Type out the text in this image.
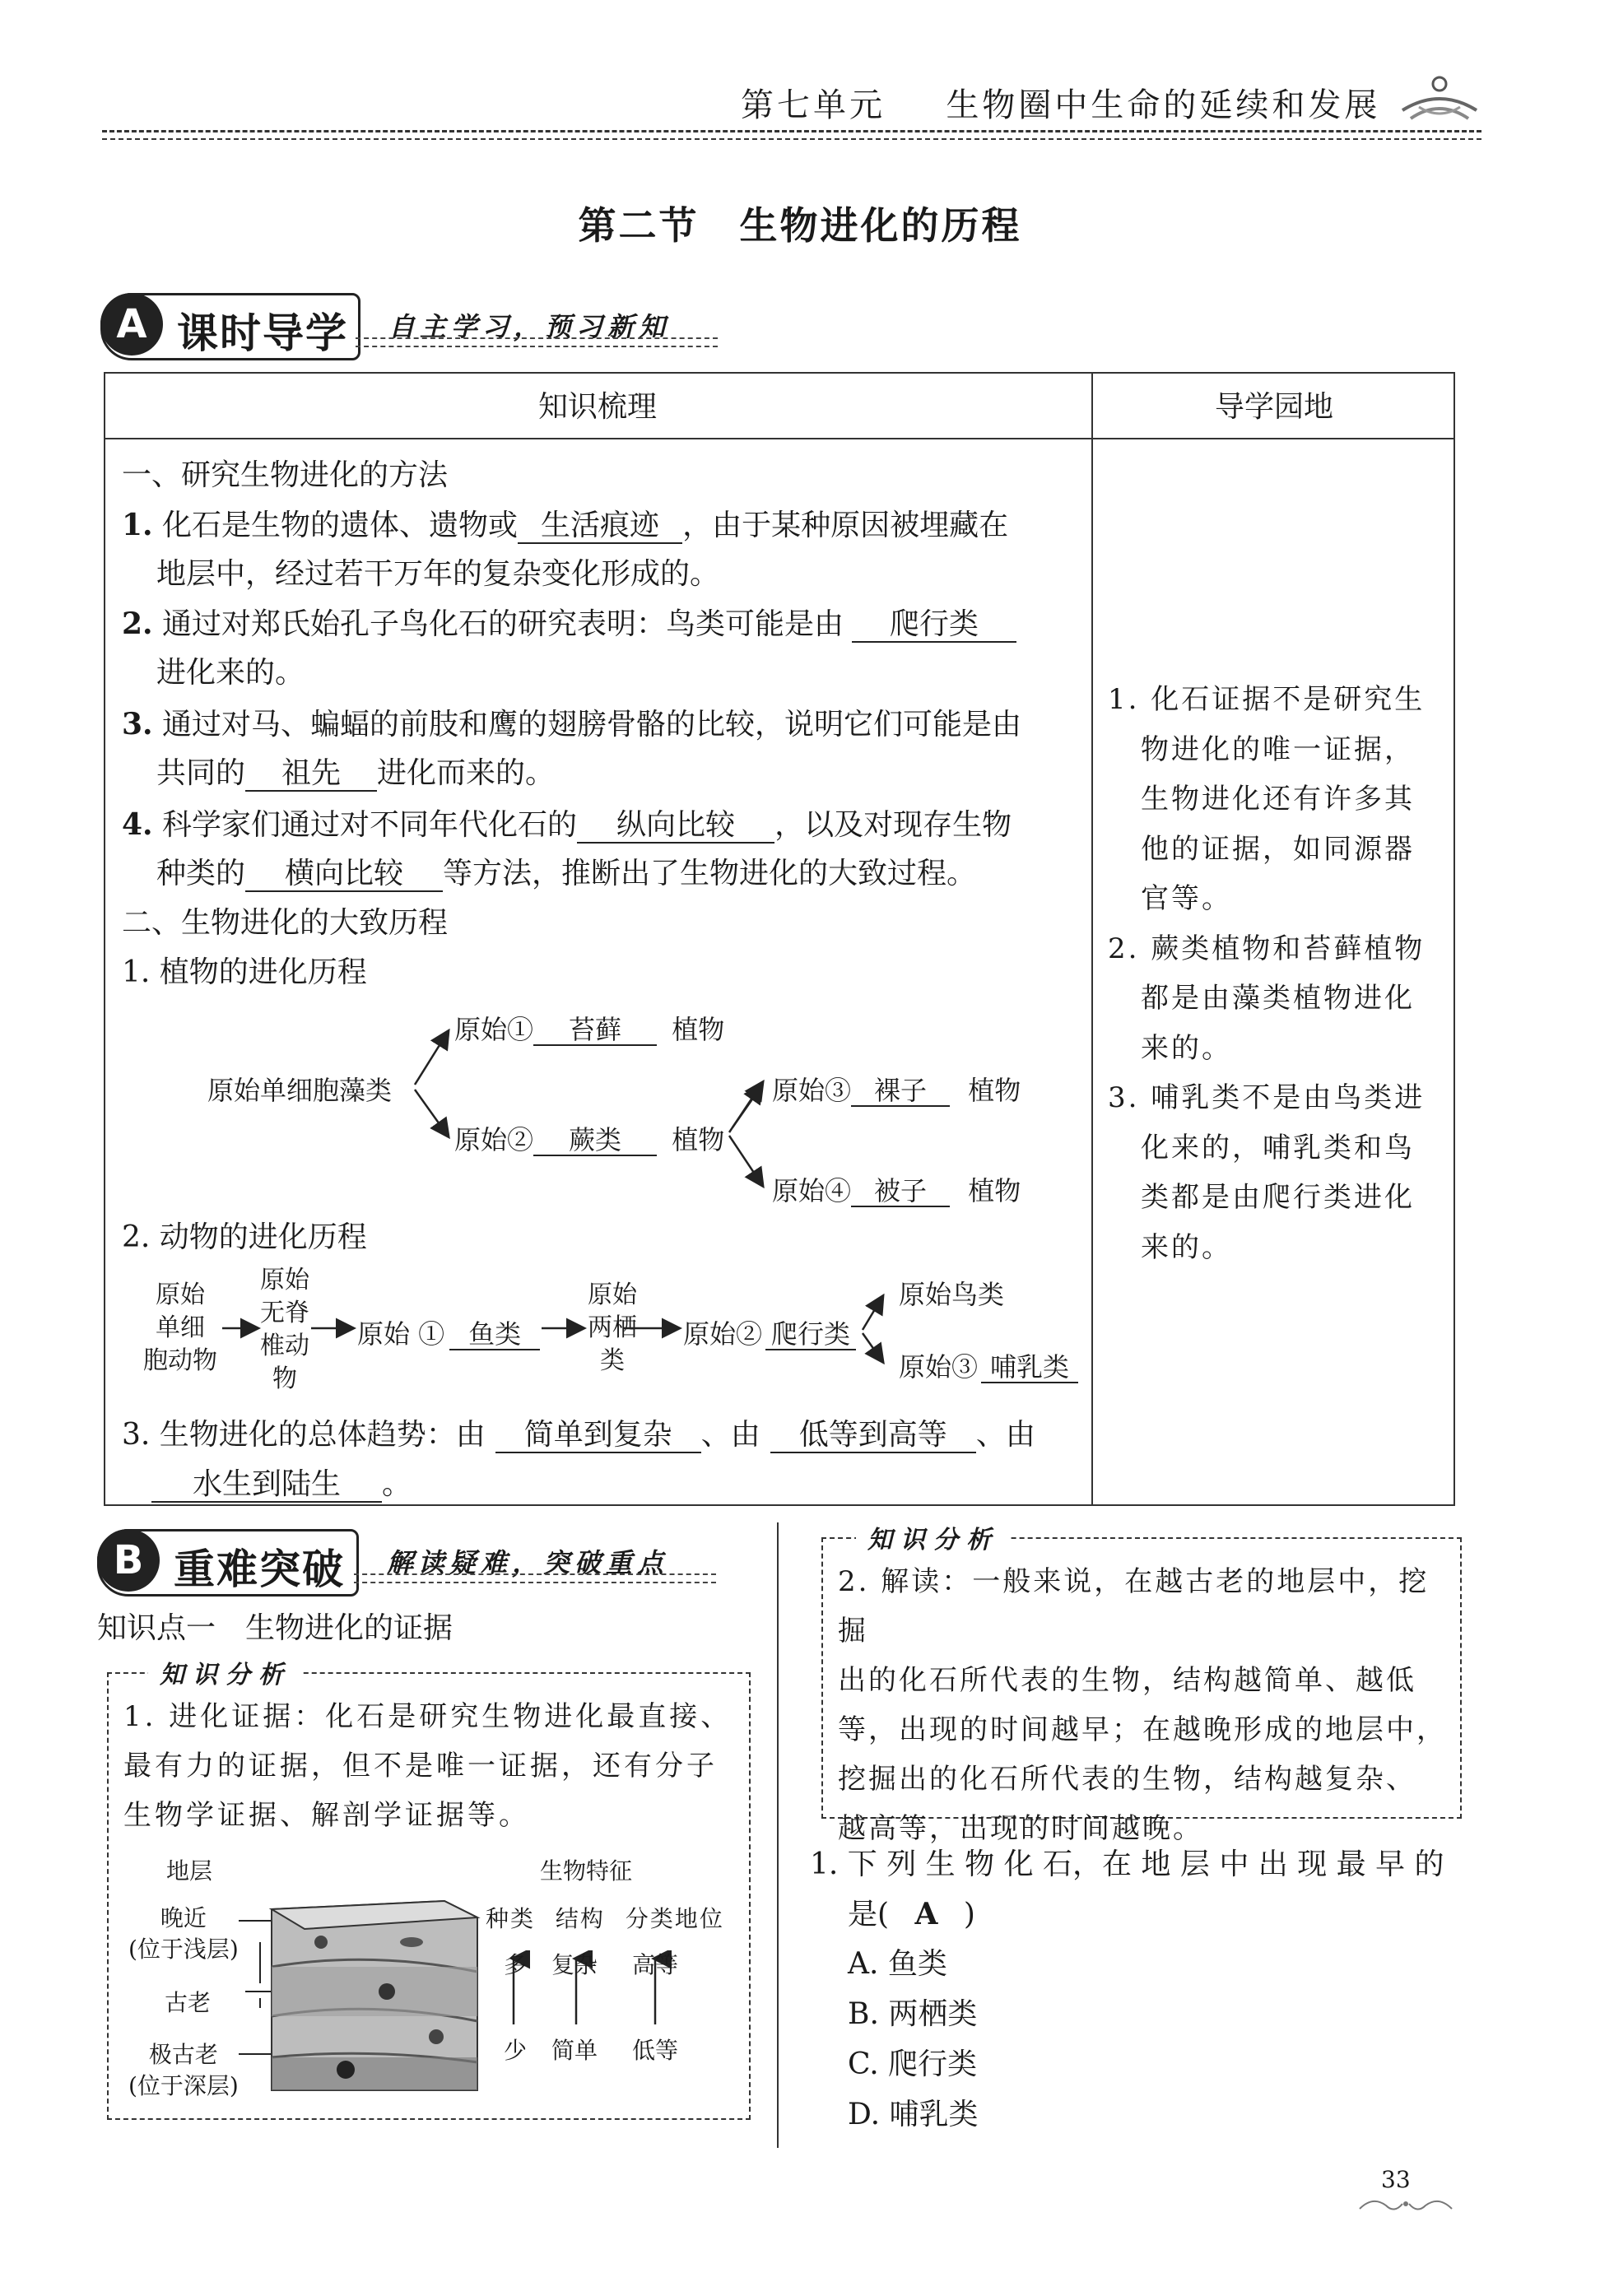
第七单元 生物圈中生命的延续和发展
第二节　生物进化的历程
A 课时导学 自主学习，预习新知
知识梳理	导学园地
一、研究生物进化的方法
1. 化石是生物的遗体、遗物或 生活痕迹 ，由于某种原因被埋藏在
地层中，经过若干万年的复杂变化形成的。
2. 通过对郑氏始孔子鸟化石的研究表明：鸟类可能是由 爬行类
进化来的。
3. 通过对马、蝙蝠的前肢和鹰的翅膀骨骼的比较，说明它们可能是由
共同的 祖先 进化而来的。
4. 科学家们通过对不同年代化石的 纵向比较 ，以及对现存生物
种类的 横向比较 等方法，推断出了生物进化的大致过程。
二、生物进化的大致历程
1. 植物的进化历程
原始单细胞藻类
原始① 苔藓 植物
原始② 蕨类 植物
原始③ 裸子 植物
原始④ 被子 植物
2. 动物的进化历程
原始
单细
胞动物
原始
无脊
椎动
物
原始 ① 鱼类
原始
两栖
类
原始② 爬行类
原始鸟类
原始③ 哺乳类
3. 生物进化的总体趋势：由 简单到复杂 、由 低等到高等 、由
水生到陆生 。
1. 化石证据不是研究生
物进化的唯一证据，
生物进化还有许多其
他的证据，如同源器
官等。
2. 蕨类植物和苔藓植物
都是由藻类植物进化
来的。
3. 哺乳类不是由鸟类进
化来的，哺乳类和鸟
类都是由爬行类进化
来的。
B 重难突破 解读疑难，突破重点
知识点一　生物进化的证据
知识分析
1. 进化证据：化石是研究生物进化最直接、
最有力的证据，但不是唯一证据，还有分子
生物学证据、解剖学证据等。
地层	生物特征
晚近
(位于浅层)
古老
极古老
(位于深层)
种类 结构 分类地位
多 复杂 高等
少 简单 低等
知识分析
2. 解读：一般来说，在越古老的地层中，挖掘
出的化石所代表的生物，结构越简单、越低
等，出现的时间越早；在越晚形成的地层中，
挖掘出的化石所代表的生物，结构越复杂、
越高等，出现的时间越晚。
1. 下 列 生 物 化 石，在 地 层 中 出 现 最 早 的
是( A )
A. 鱼类
B. 两栖类
C. 爬行类
D. 哺乳类
33
